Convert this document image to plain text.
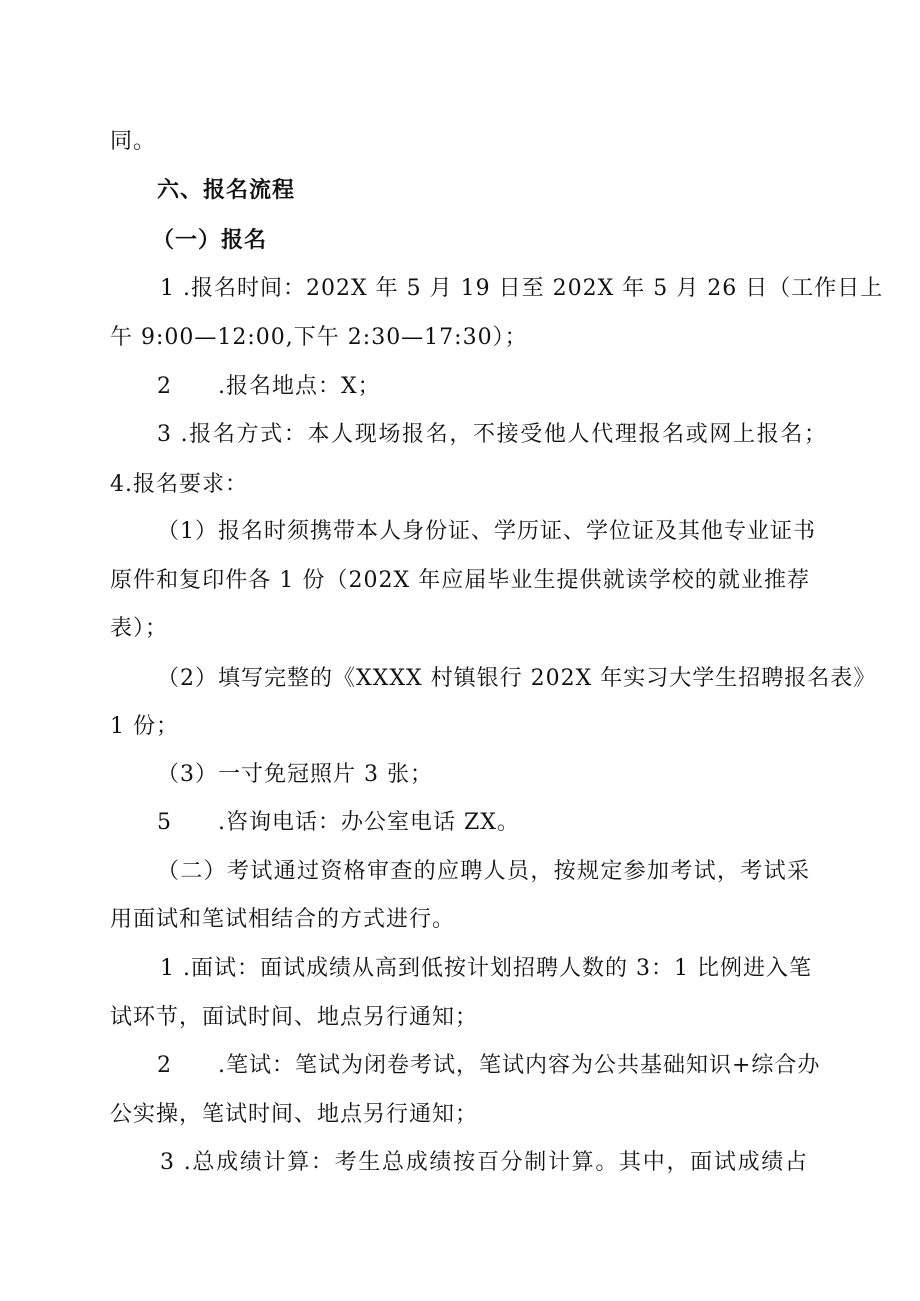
同。
六、报名流程
（一）报名
1 .报名时间：202X 年 5 月 19 日至 202X 年 5 月 26 日（工作日上
午 9:00—12:00,下午 2:30—17:30）；
2　　.报名地点：X；
3 .报名方式：本人现场报名，不接受他人代理报名或网上报名；
4.报名要求：
（1）报名时须携带本人身份证、学历证、学位证及其他专业证书
原件和复印件各 1 份（202X 年应届毕业生提供就读学校的就业推荐
表）；
（2）填写完整的《XXXX 村镇银行 202X 年实习大学生招聘报名表》
1 份；
（3）一寸免冠照片 3 张；
5　　.咨询电话：办公室电话 ZX。
（二）考试通过资格审查的应聘人员，按规定参加考试，考试采
用面试和笔试相结合的方式进行。
1 .面试：面试成绩从高到低按计划招聘人数的 3：1 比例进入笔
试环节，面试时间、地点另行通知；
2　　.笔试：笔试为闭卷考试，笔试内容为公共基础知识+综合办
公实操，笔试时间、地点另行通知；
3 .总成绩计算：考生总成绩按百分制计算。其中，面试成绩占
